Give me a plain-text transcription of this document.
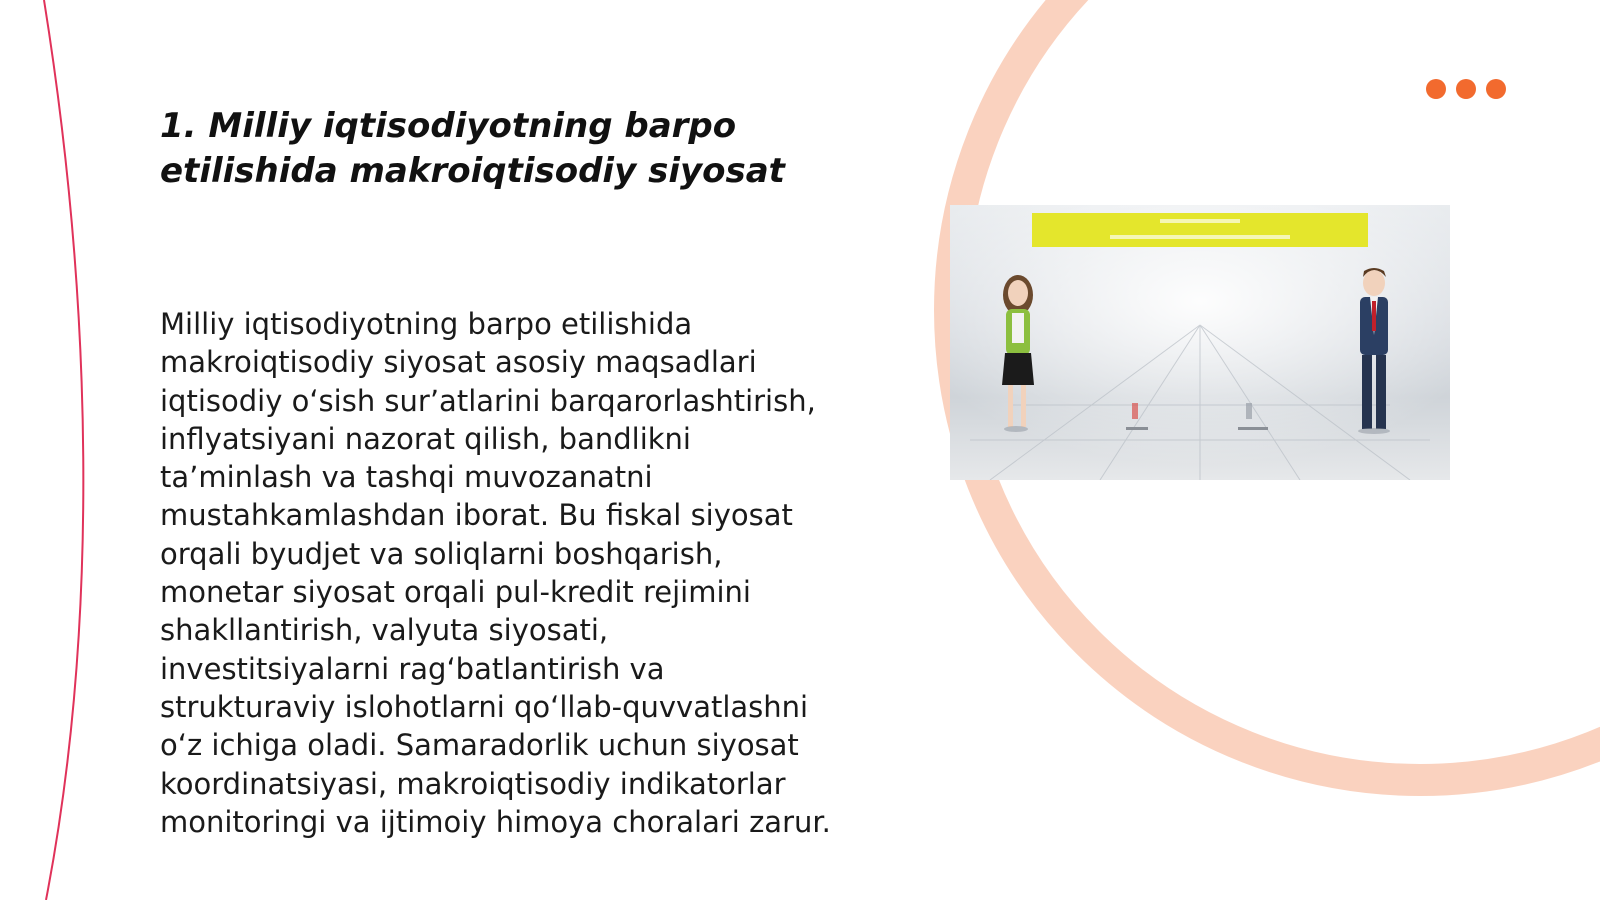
1. Milliy iqtisodiyotning barpo etilishida makroiqtisodiy siyosat

Milliy iqtisodiyotning barpo etilishida makroiqtisodiy siyosat asosiy maqsadlari iqtisodiy o‘sish sur’atlarini barqarorlashtirish, inflyatsiyani nazorat qilish, bandlikni ta’minlash va tashqi muvozanatni mustahkamlashdan iborat. Bu fiskal siyosat orqali byudjet va soliqlarni boshqarish, monetar siyosat orqali pul-kredit rejimini shakllantirish, valyuta siyosati, investitsiyalarni rag‘batlantirish va strukturaviy islohotlarni qo‘llab-quvvatlashni o‘z ichiga oladi. Samaradorlik uchun siyosat koordinatsiyasi, makroiqtisodiy indikatorlar monitoringi va ijtimoiy himoya choralari zarur.
